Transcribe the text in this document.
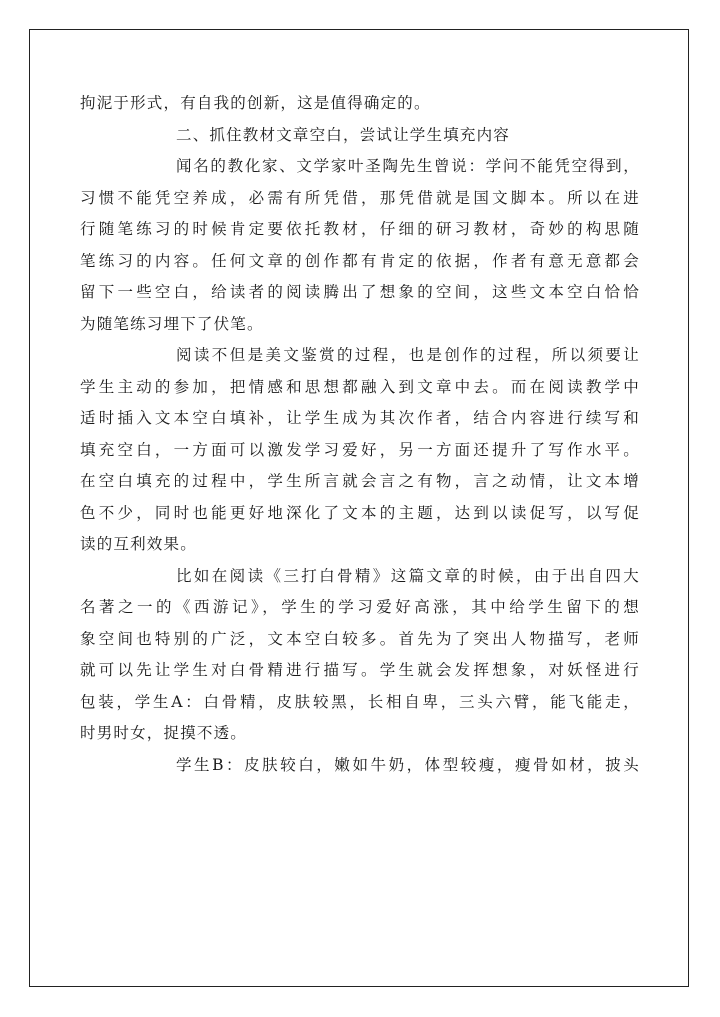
拘泥于形式，有自我的创新，这是值得确定的。
二、抓住教材文章空白，尝试让学生填充内容
闻名的教化家、文学家叶圣陶先生曾说：学问不能凭空得到，
习惯不能凭空养成，必需有所凭借，那凭借就是国文脚本。所以在进
行随笔练习的时候肯定要依托教材，仔细的研习教材，奇妙的构思随
笔练习的内容。任何文章的创作都有肯定的依据，作者有意无意都会
留下一些空白，给读者的阅读腾出了想象的空间，这些文本空白恰恰
为随笔练习埋下了伏笔。
阅读不但是美文鉴赏的过程，也是创作的过程，所以须要让
学生主动的参加，把情感和思想都融入到文章中去。而在阅读教学中
适时插入文本空白填补，让学生成为其次作者，结合内容进行续写和
填充空白，一方面可以激发学习爱好，另一方面还提升了写作水平。
在空白填充的过程中，学生所言就会言之有物，言之动情，让文本增
色不少，同时也能更好地深化了文本的主题，达到以读促写，以写促
读的互利效果。
比如在阅读《三打白骨精》这篇文章的时候，由于出自四大
名著之一的《西游记》，学生的学习爱好高涨，其中给学生留下的想
象空间也特别的广泛，文本空白较多。首先为了突出人物描写，老师
就可以先让学生对白骨精进行描写。学生就会发挥想象，对妖怪进行
包装，学生A：白骨精，皮肤较黑，长相自卑，三头六臂，能飞能走，
时男时女，捉摸不透。
学生B：皮肤较白，嫩如牛奶，体型较瘦，瘦骨如材，披头
